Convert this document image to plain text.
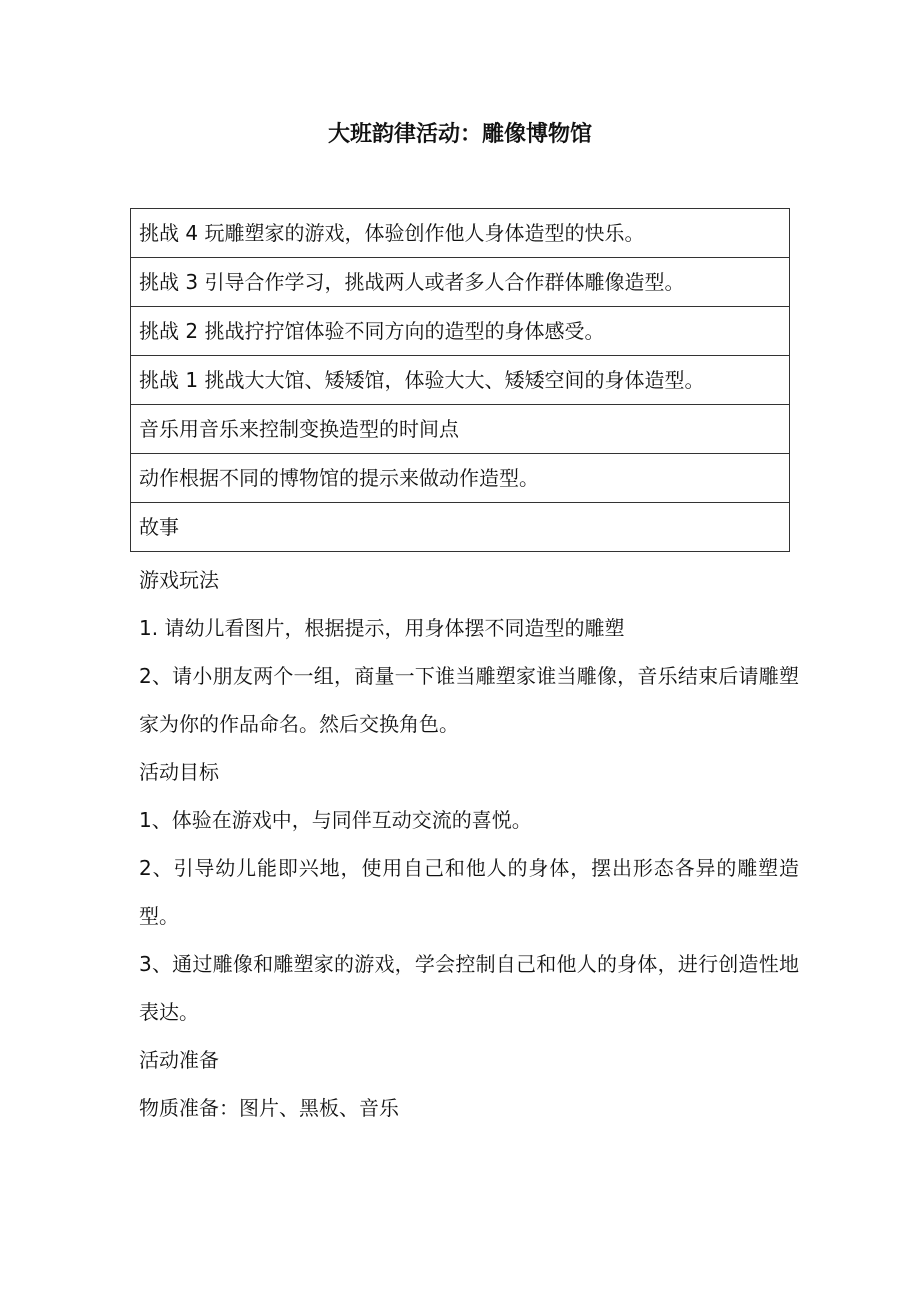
大班韵律活动：雕像博物馆
挑战 4 玩雕塑家的游戏，体验创作他人身体造型的快乐。
挑战 3 引导合作学习，挑战两人或者多人合作群体雕像造型。
挑战 2 挑战拧拧馆体验不同方向的造型的身体感受。
挑战 1 挑战大大馆、矮矮馆，体验大大、矮矮空间的身体造型。
音乐用音乐来控制变换造型的时间点
动作根据不同的博物馆的提示来做动作造型。
故事

游戏玩法

1. 请幼儿看图片，根据提示，用身体摆不同造型的雕塑

2、请小朋友两个一组，商量一下谁当雕塑家谁当雕像，音乐结束后请雕塑家为你的作品命名。然后交换角色。

活动目标

1、体验在游戏中，与同伴互动交流的喜悦。

2、引导幼儿能即兴地，使用自己和他人的身体，摆出形态各异的雕塑造型。

3、通过雕像和雕塑家的游戏，学会控制自己和他人的身体，进行创造性地表达。

活动准备

物质准备：图片、黑板、音乐
